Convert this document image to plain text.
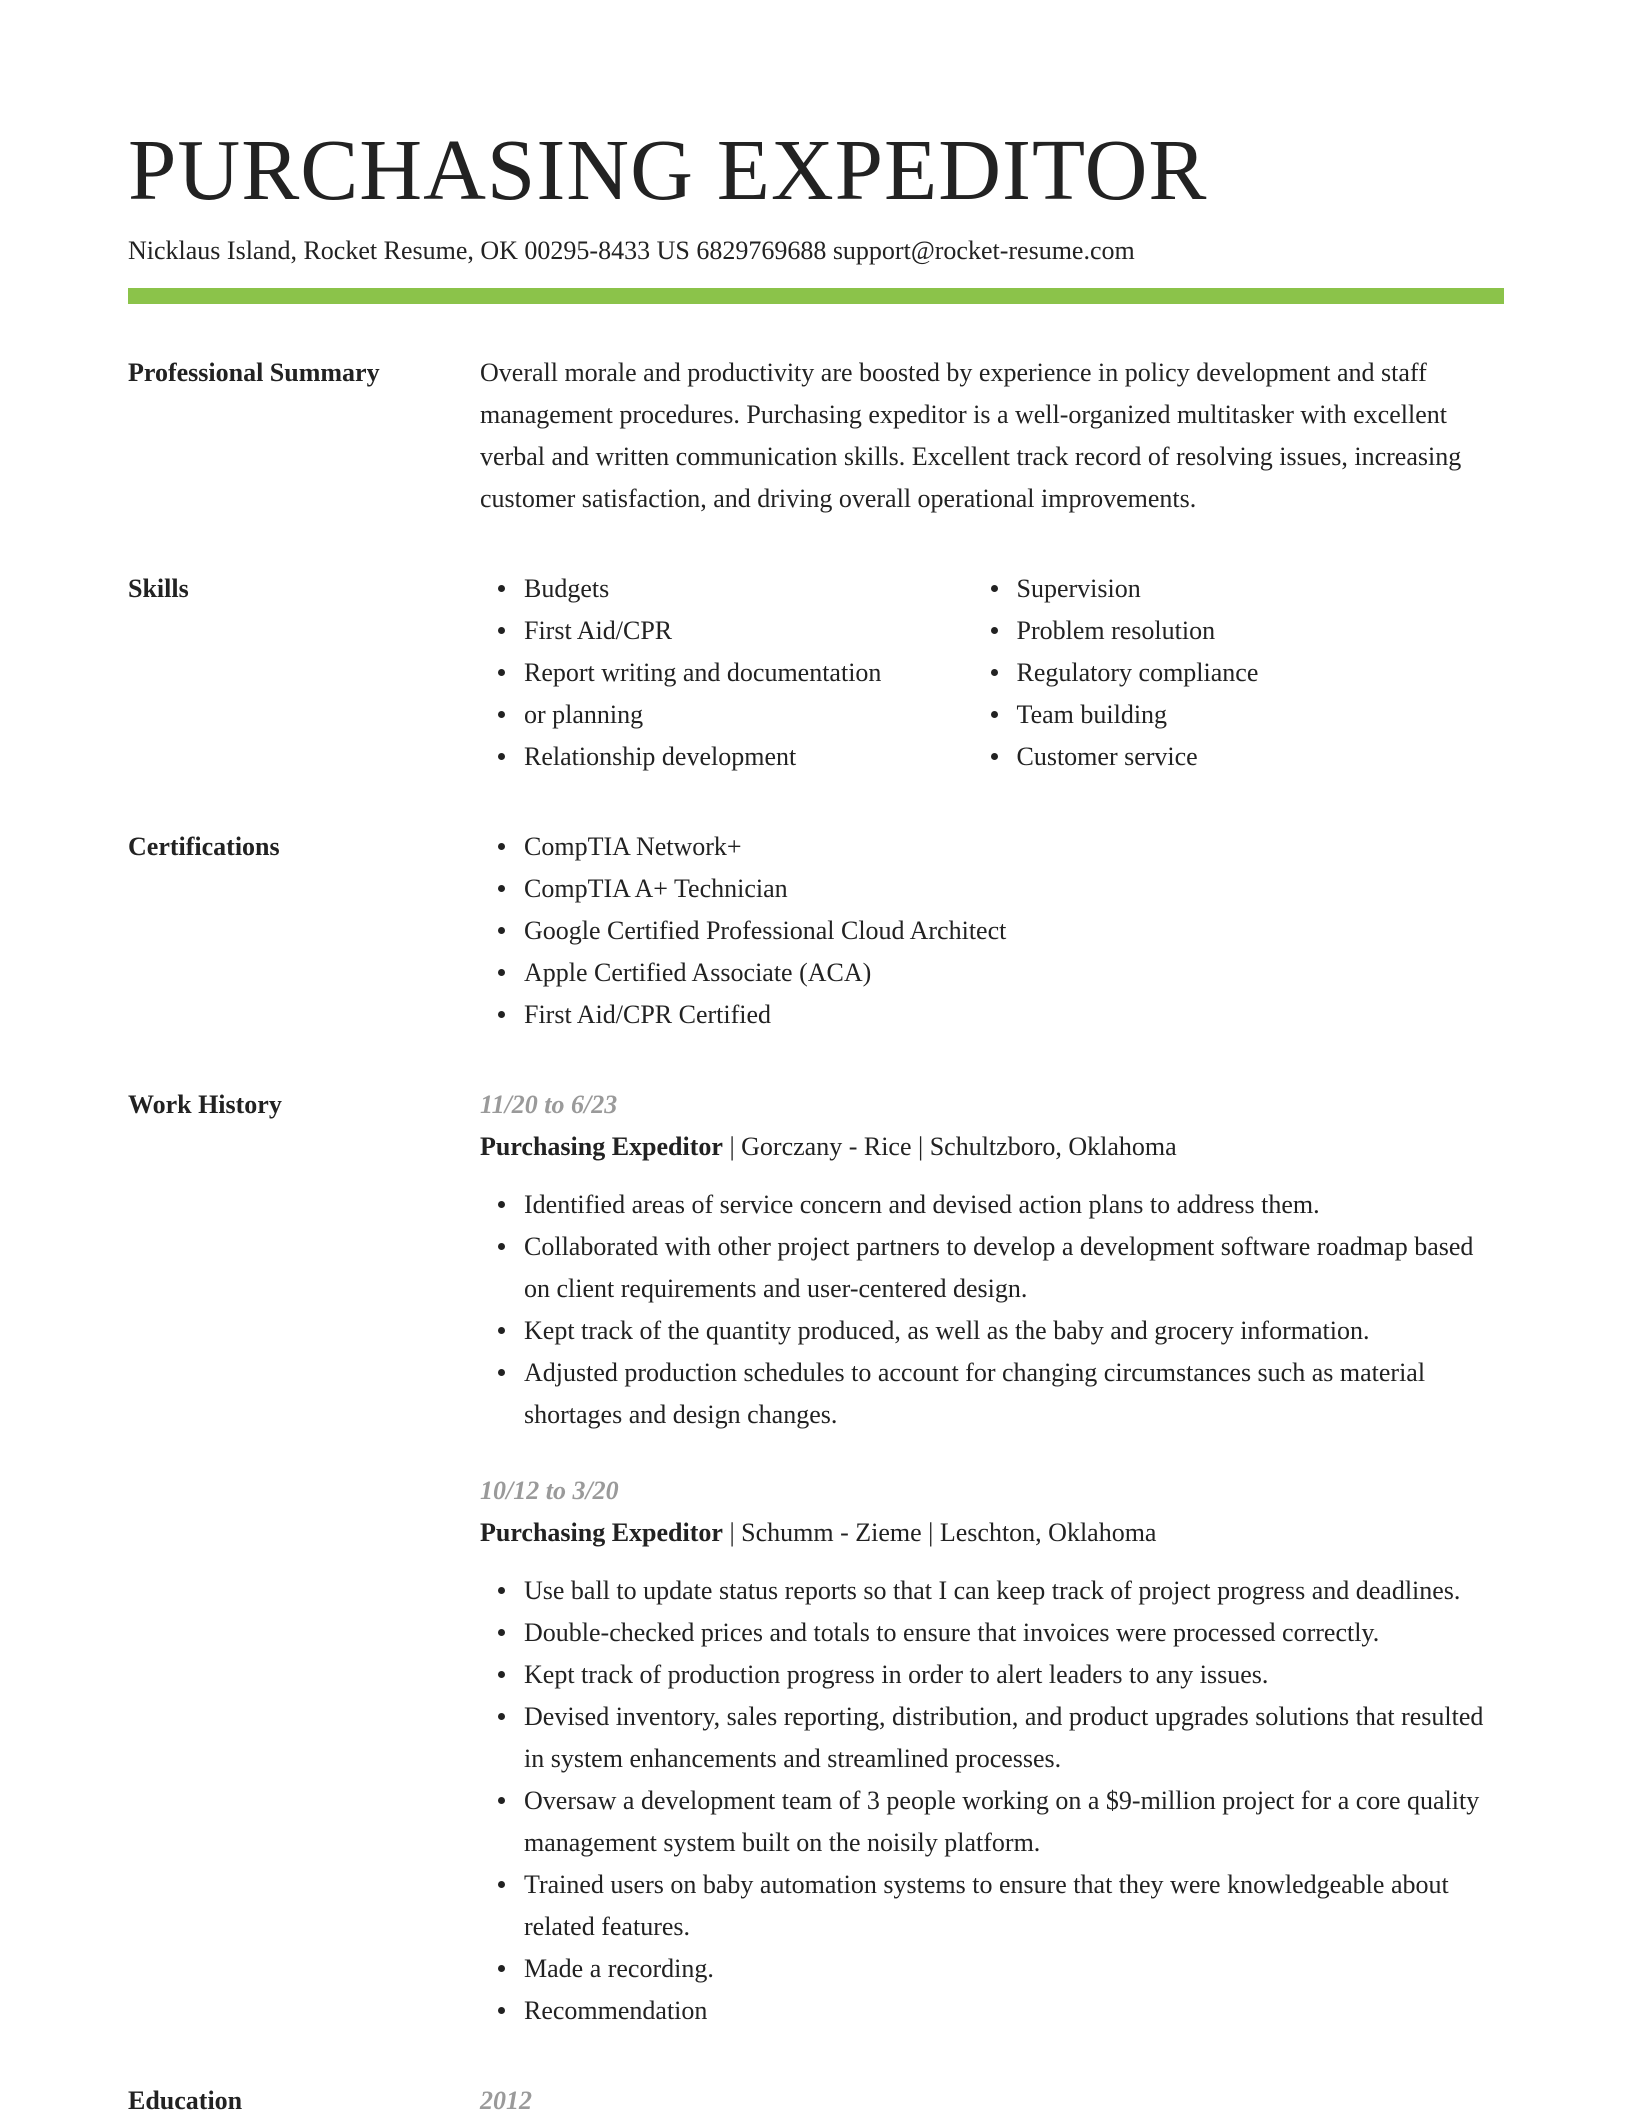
PURCHASING EXPEDITOR
Nicklaus Island, Rocket Resume, OK 00295-8433 US 6829769688 support@rocket-resume.com
Professional Summary	Overall morale and productivity are boosted by experience in policy development and staff management procedures. Purchasing expeditor is a well-organized multitasker with excellent verbal and written communication skills. Excellent track record of resolving issues, increasing customer satisfaction, and driving overall operational improvements.

Skills	Budgets
First Aid/CPR
Report writing and documentation
or planning
Relationship development
Supervision
Problem resolution
Regulatory compliance
Team building
Customer service
Certifications	CompTIA Network+
CompTIA A+ Technician
Google Certified Professional Cloud Architect
Apple Certified Associate (ACA)
First Aid/CPR Certified
Work History	11/20 to 6/23
Purchasing Expeditor | Gorczany - Rice | Schultzboro, Oklahoma
Identified areas of service concern and devised action plans to address them.
Collaborated with other project partners to develop a development software roadmap based on client requirements and user-centered design.
Kept track of the quantity produced, as well as the baby and grocery information.
Adjusted production schedules to account for changing circumstances such as material shortages and design changes.
10/12 to 3/20
Purchasing Expeditor | Schumm - Zieme | Leschton, Oklahoma
Use ball to update status reports so that I can keep track of project progress and deadlines.
Double-checked prices and totals to ensure that invoices were processed correctly.
Kept track of production progress in order to alert leaders to any issues.
Devised inventory, sales reporting, distribution, and product upgrades solutions that resulted in system enhancements and streamlined processes.
Oversaw a development team of 3 people working on a $9-million project for a core quality management system built on the noisily platform.
Trained users on baby automation systems to ensure that they were knowledgeable about related features.
Made a recording.
Recommendation
Education	2012
